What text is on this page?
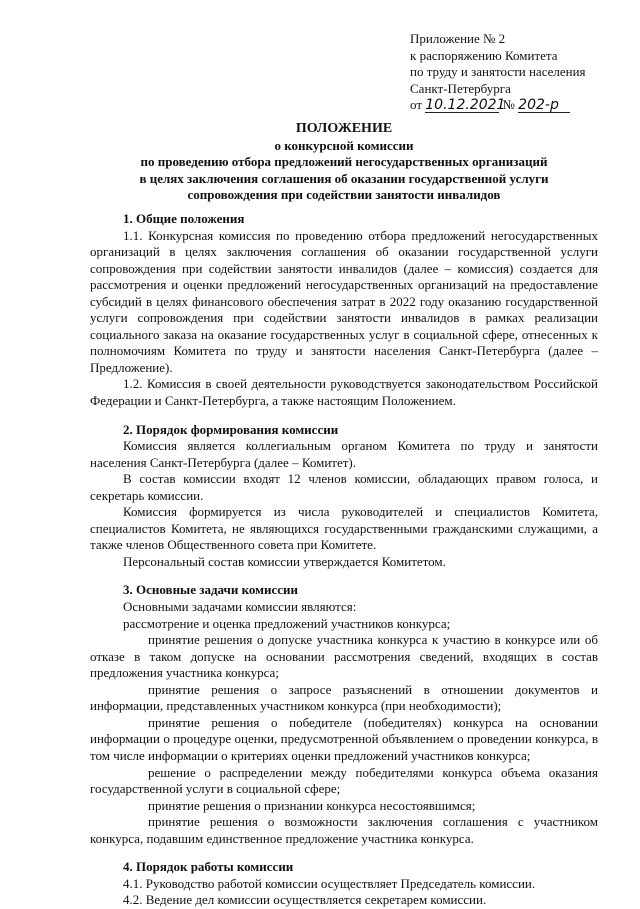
Приложение № 2
к распоряжению Комитета
по труду и занятости населения
Санкт-Петербурга
от 10.12.2021 № 202-р
ПОЛОЖЕНИЕ
о конкурсной комиссии
по проведению отбора предложений негосударственных организаций
в целях заключения соглашения об оказании государственной услуги
сопровождения при содействии занятости инвалидов
1. Общие положения

1.1. Конкурсная комиссия по проведению отбора предложений негосударственных организаций в целях заключения соглашения об оказании государственной услуги сопровождения при содействии занятости инвалидов (далее – комиссия) создается для рассмотрения и оценки предложений негосударственных организаций на предоставление субсидий в целях финансового обеспечения затрат в 2022 году оказанию государственной услуги сопровождения при содействии занятости инвалидов в рамках реализации социального заказа на оказание государственных услуг в социальной сфере, отнесенных к полномочиям Комитета по труду и занятости населения Санкт-Петербурга (далее – Предложение).

1.2. Комиссия в своей деятельности руководствуется законодательством Российской Федерации и Санкт-Петербурга, а также настоящим Положением.

2. Порядок формирования комиссии

Комиссия является коллегиальным органом Комитета по труду и занятости населения Санкт-Петербурга (далее – Комитет).

В состав комиссии входят 12 членов комиссии, обладающих правом голоса, и секретарь комиссии.

Комиссия формируется из числа руководителей и специалистов Комитета, специалистов Комитета, не являющихся государственными гражданскими служащими, а также членов Общественного совета при Комитете.

Персональный состав комиссии утверждается Комитетом.

3. Основные задачи комиссии

Основными задачами комиссии являются:

рассмотрение и оценка предложений участников конкурса;

принятие решения о допуске участника конкурса к участию в конкурсе или об отказе в таком допуске на основании рассмотрения сведений, входящих в состав предложения участника конкурса;

принятие решения о запросе разъяснений в отношении документов и информации, представленных участником конкурса (при необходимости);

принятие решения о победителе (победителях) конкурса на основании информации о процедуре оценки, предусмотренной объявлением о проведении конкурса, в том числе информации о критериях оценки предложений участников конкурса;

решение о распределении между победителями конкурса объема оказания государственной услуги в социальной сфере;

принятие решения о признании конкурса несостоявшимся;

принятие решения о возможности заключения соглашения с участником конкурса, подавшим единственное предложение участника конкурса.

4. Порядок работы комиссии

4.1. Руководство работой комиссии осуществляет Председатель комиссии.

4.2. Ведение дел комиссии осуществляется секретарем комиссии.
